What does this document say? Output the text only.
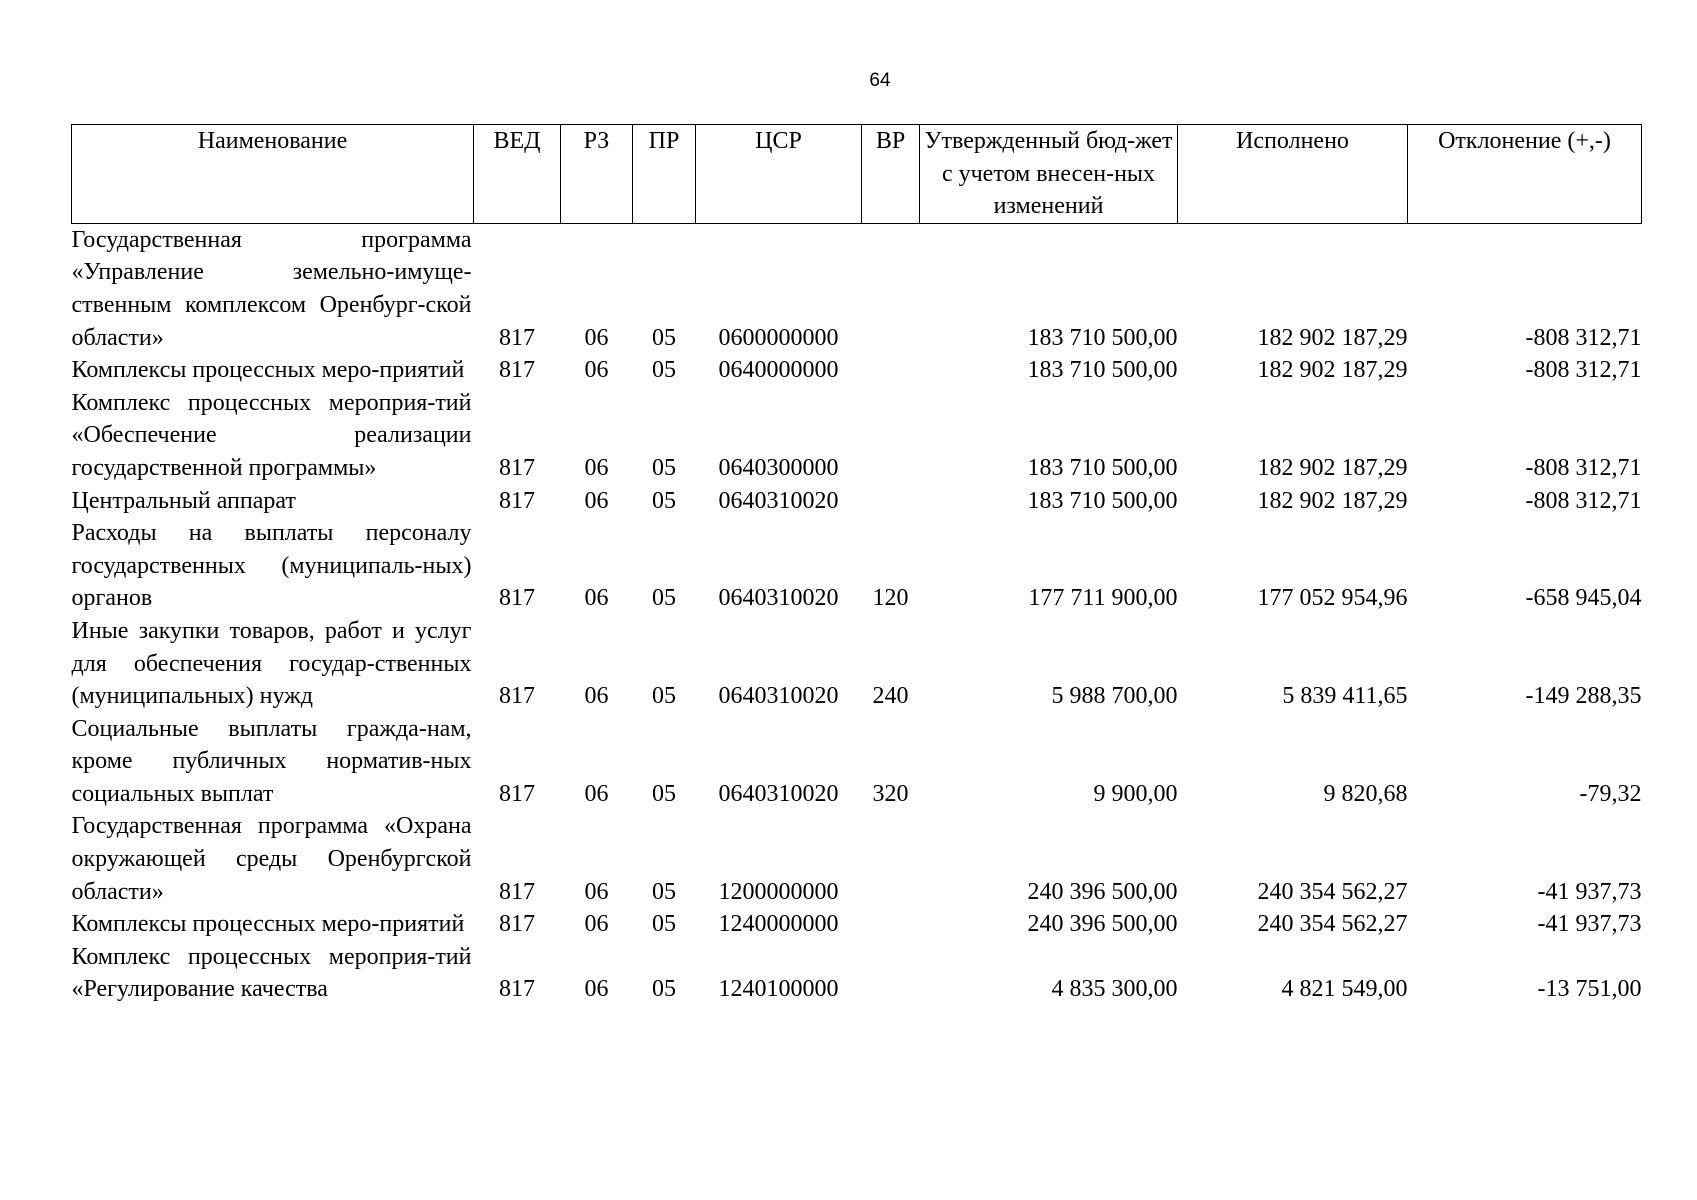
64
Наименование	ВЕД	РЗ	ПР	ЦСР	ВР	Утвержденный бюд-жет с учетом внесен-ных изменений	Исполнено	Отклонение (+,-)
Государственная программа «Управление земельно-имуще-ственным комплексом Оренбург-ской области»	817	06	05	0600000000		183 710 500,00	182 902 187,29	-808 312,71
Комплексы процессных меро-приятий	817	06	05	0640000000		183 710 500,00	182 902 187,29	-808 312,71
Комплекс процессных мероприя-тий «Обеспечение реализации государственной программы»	817	06	05	0640300000		183 710 500,00	182 902 187,29	-808 312,71
Центральный аппарат	817	06	05	0640310020		183 710 500,00	182 902 187,29	-808 312,71
Расходы на выплаты персоналу государственных (муниципаль-ных) органов	817	06	05	0640310020	120	177 711 900,00	177 052 954,96	-658 945,04
Иные закупки товаров, работ и услуг для обеспечения государ-ственных (муниципальных) нужд	817	06	05	0640310020	240	5 988 700,00	5 839 411,65	-149 288,35
Социальные выплаты гражда-нам, кроме публичных норматив-ных социальных выплат	817	06	05	0640310020	320	9 900,00	9 820,68	-79,32
Государственная программа «Охрана окружающей среды Оренбургской области»	817	06	05	1200000000		240 396 500,00	240 354 562,27	-41 937,73
Комплексы процессных меро-приятий	817	06	05	1240000000		240 396 500,00	240 354 562,27	-41 937,73
Комплекс процессных мероприя-тий «Регулирование качества	817	06	05	1240100000		4 835 300,00	4 821 549,00	-13 751,00
